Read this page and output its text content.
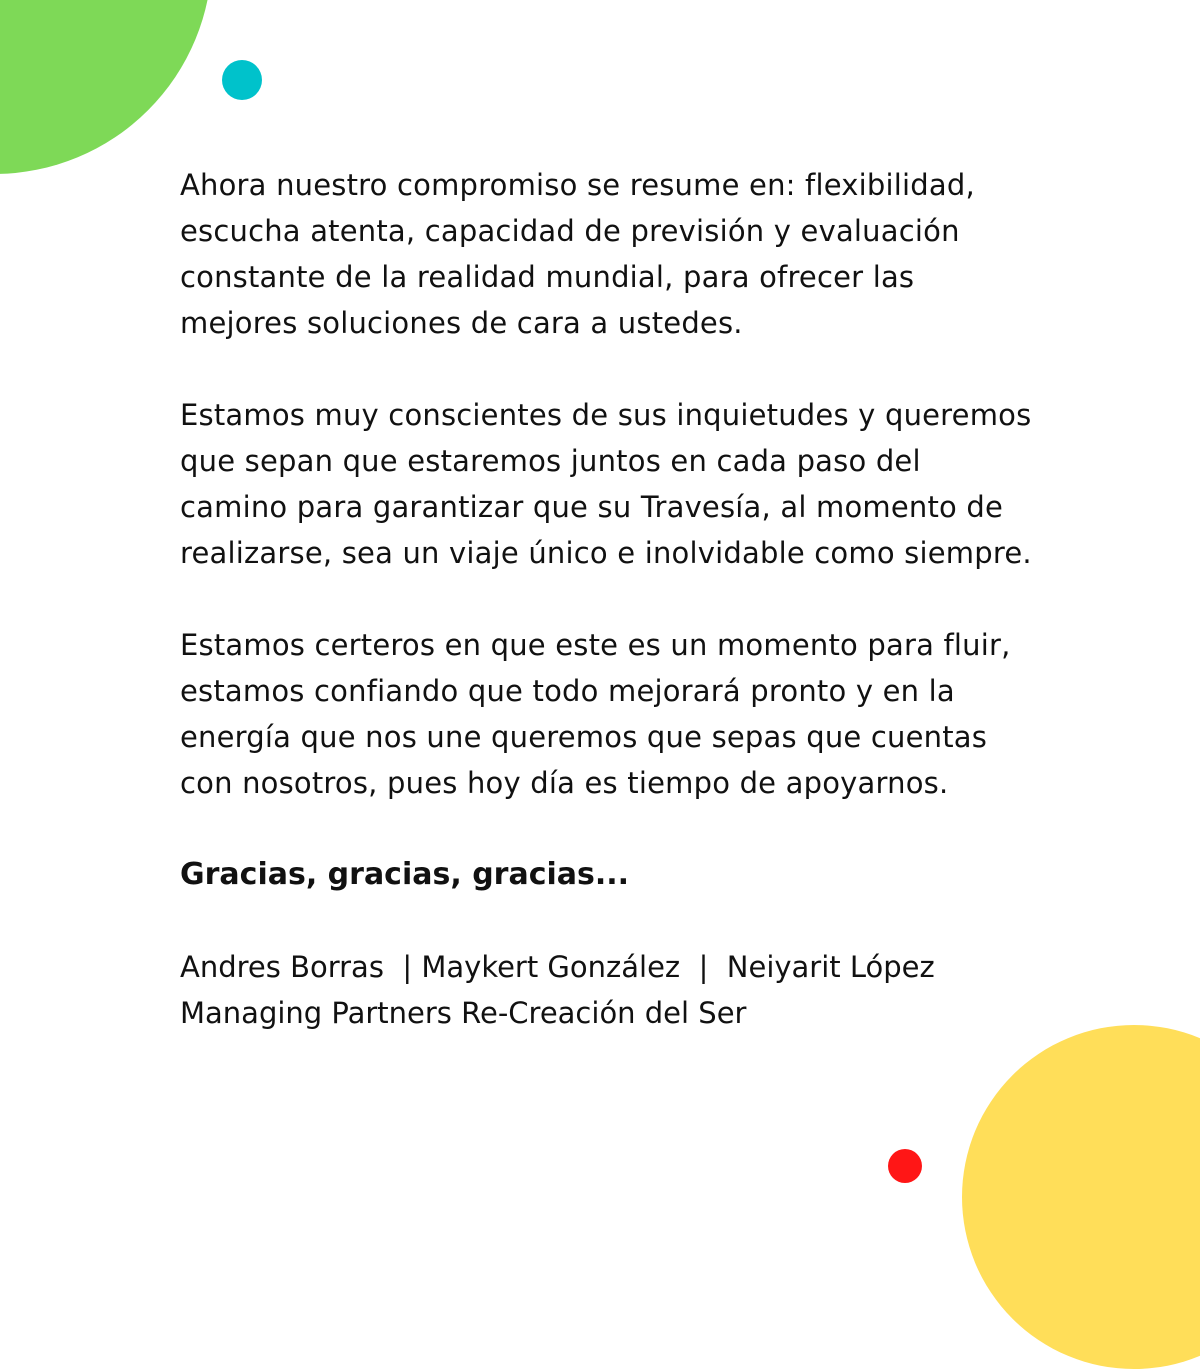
Ahora nuestro compromiso se resume en: flexibilidad,
escucha atenta, capacidad de previsión y evaluación
constante de la realidad mundial, para ofrecer las
mejores soluciones de cara a ustedes.

Estamos muy conscientes de sus inquietudes y queremos
que sepan que estaremos juntos en cada paso del
camino para garantizar que su Travesía, al momento de
realizarse, sea un viaje único e inolvidable como siempre.

Estamos certeros en que este es un momento para fluir,
estamos confiando que todo mejorará pronto y en la
energía que nos une queremos que sepas que cuentas
con nosotros, pues hoy día es tiempo de apoyarnos.

Gracias, gracias, gracias...

Andres Borras  | Maykert González  |  Neiyarit López

Managing Partners Re-Creación del Ser
